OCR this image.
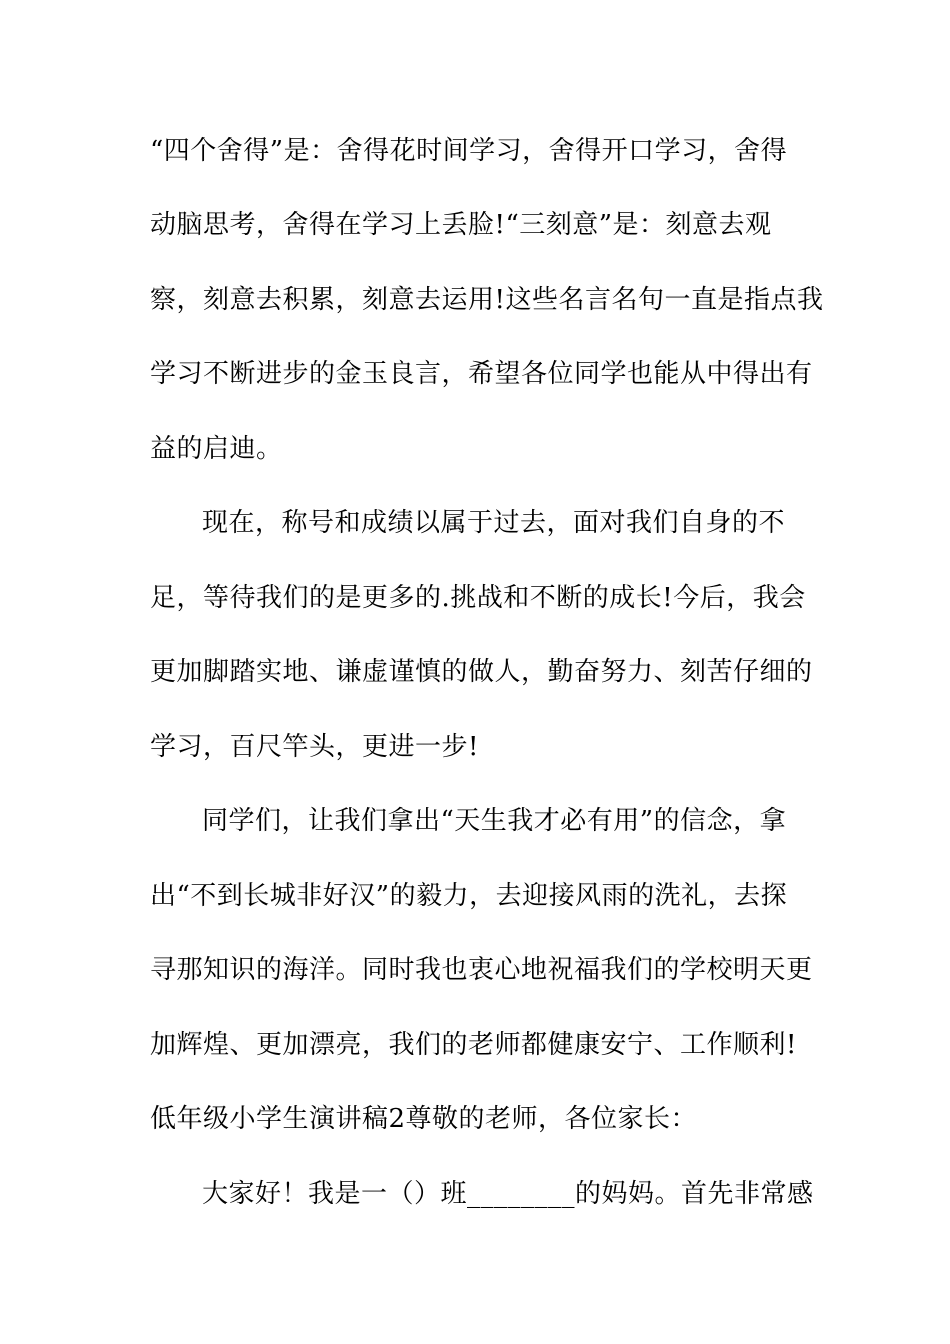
“四个舍得”是：舍得花时间学习，舍得开口学习，舍得
动脑思考，舍得在学习上丢脸!“三刻意”是：刻意去观
察，刻意去积累，刻意去运用!这些名言名句一直是指点我
学习不断进步的金玉良言，希望各位同学也能从中得出有
益的启迪。
现在，称号和成绩以属于过去，面对我们自身的不
足，等待我们的是更多的.挑战和不断的成长!今后，我会
更加脚踏实地、谦虚谨慎的做人，勤奋努力、刻苦仔细的
学习，百尺竿头，更进一步!
同学们，让我们拿出“天生我才必有用”的信念，拿
出“不到长城非好汉”的毅力，去迎接风雨的洗礼，去探
寻那知识的海洋。同时我也衷心地祝福我们的学校明天更
加辉煌、更加漂亮，我们的老师都健康安宁、工作顺利!
低年级小学生演讲稿2尊敬的老师，各位家长：
大家好！我是一（）班________的妈妈。首先非常感
